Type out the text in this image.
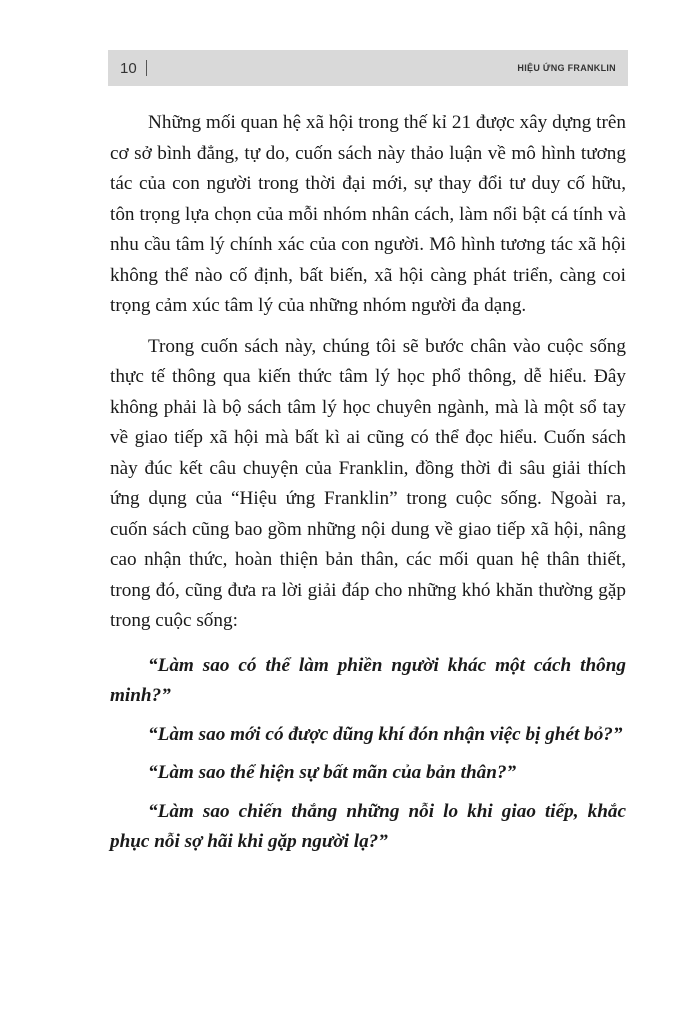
10	HIỆU ỨNG FRANKLIN

Những mối quan hệ xã hội trong thế kỉ 21 được xây dựng trên cơ sở bình đẳng, tự do, cuốn sách này thảo luận về mô hình tương tác của con người trong thời đại mới, sự thay đổi tư duy cố hữu, tôn trọng lựa chọn của mỗi nhóm nhân cách, làm nổi bật cá tính và nhu cầu tâm lý chính xác của con người. Mô hình tương tác xã hội không thể nào cố định, bất biến, xã hội càng phát triển, càng coi trọng cảm xúc tâm lý của những nhóm người đa dạng.

Trong cuốn sách này, chúng tôi sẽ bước chân vào cuộc sống thực tế thông qua kiến thức tâm lý học phổ thông, dễ hiểu. Đây không phải là bộ sách tâm lý học chuyên ngành, mà là một sổ tay về giao tiếp xã hội mà bất kì ai cũng có thể đọc hiểu. Cuốn sách này đúc kết câu chuyện của Franklin, đồng thời đi sâu giải thích ứng dụng của “Hiệu ứng Franklin” trong cuộc sống. Ngoài ra, cuốn sách cũng bao gồm những nội dung về giao tiếp xã hội, nâng cao nhận thức, hoàn thiện bản thân, các mối quan hệ thân thiết, trong đó, cũng đưa ra lời giải đáp cho những khó khăn thường gặp trong cuộc sống:

“Làm sao có thể làm phiền người khác một cách thông minh?”

“Làm sao mới có được dũng khí đón nhận việc bị ghét bỏ?”

“Làm sao thể hiện sự bất mãn của bản thân?”

“Làm sao chiến thắng những nỗi lo khi giao tiếp, khắc phục nỗi sợ hãi khi gặp người lạ?”
